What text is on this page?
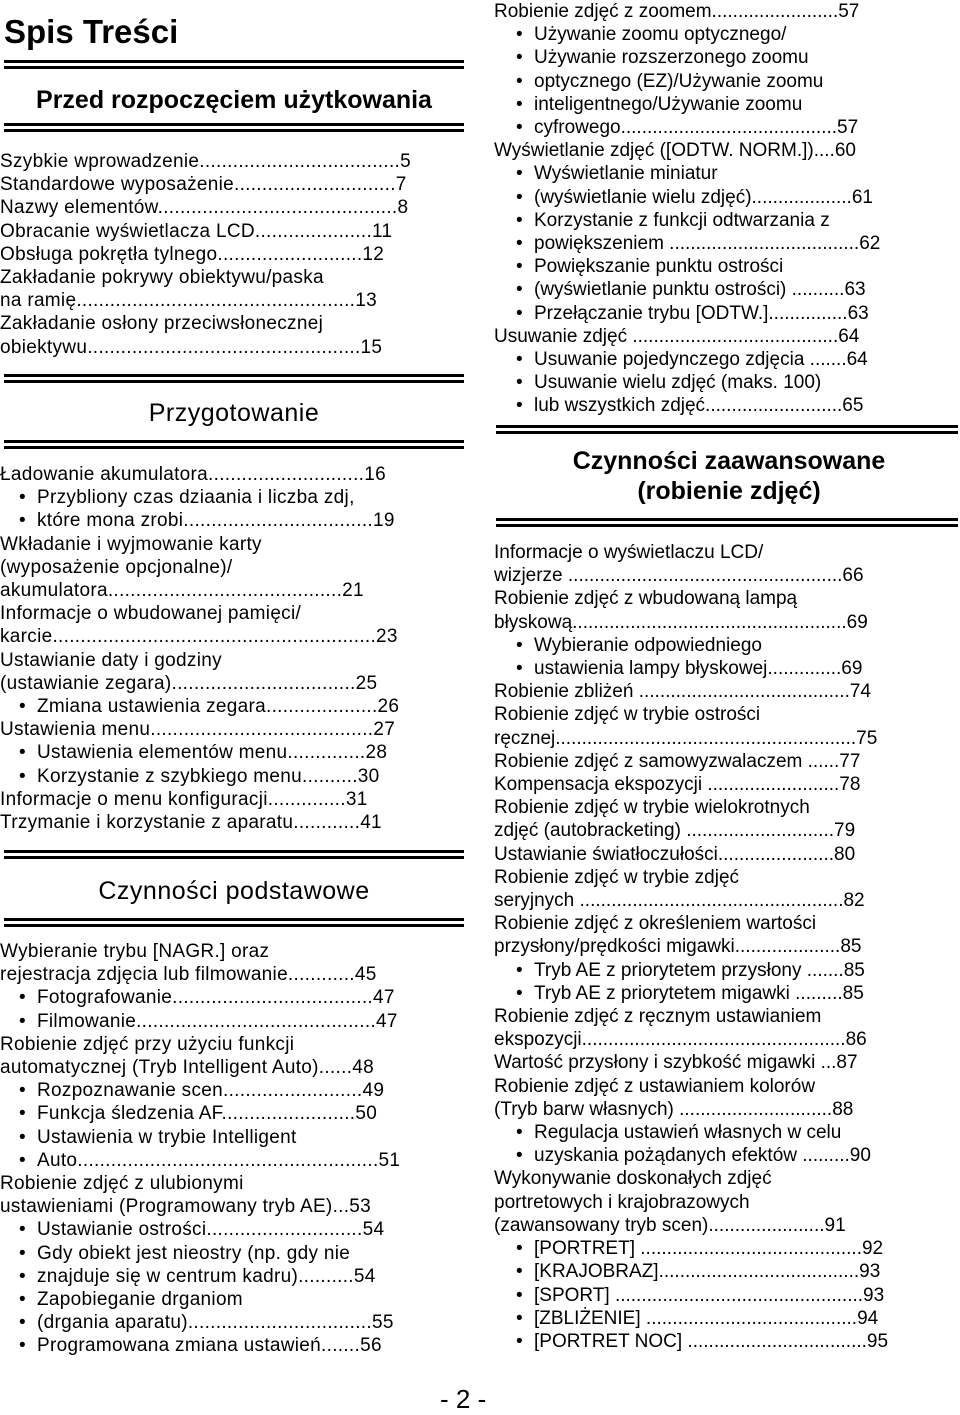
Spis Treści
Przed rozpoczęciem użytkowania
Szybkie wprowadzenie....................................5
Standardowe wyposażenie.............................7
Nazwy elementów...........................................8
Obracanie wyświetlacza LCD.....................11
Obsługa pokrętła tylnego..........................12
Zakładanie pokrywy obiektywu/paska
na ramię..................................................13
Zakładanie osłony przeciwsłonecznej
obiektywu.................................................15
Przygotowanie
Ładowanie akumulatora............................16
• Przybliony czas dziaania i liczba zdj,
• które mona zrobi..................................19
Wkładanie i wyjmowanie karty
(wyposażenie opcjonalne)/
akumulatora..........................................21
Informacje o wbudowanej pamięci/
karcie..........................................................23
Ustawianie daty i godziny
(ustawianie zegara).................................25
• Zmiana ustawienia zegara....................26
Ustawienia menu........................................27
• Ustawienia elementów menu..............28
• Korzystanie z szybkiego menu..........30
Informacje o menu konfiguracji..............31
Trzymanie i korzystanie z aparatu............41
Czynności podstawowe
Wybieranie trybu [NAGR.] oraz
rejestracja zdjęcia lub filmowanie............45
• Fotografowanie....................................47
• Filmowanie...........................................47
Robienie zdjęć przy użyciu funkcji
automatycznej (Tryb Intelligent Auto)......48
• Rozpoznawanie scen.........................49
• Funkcja śledzenia AF........................50
• Ustawienia w trybie Intelligent
• Auto......................................................51
Robienie zdjęć z ulubionymi
ustawieniami (Programowany tryb AE)...53
• Ustawianie ostrości............................54
• Gdy obiekt jest nieostry (np. gdy nie
• znajduje się w centrum kadru)..........54
• Zapobieganie drganiom
• (drgania aparatu).................................55
• Programowana zmiana ustawień.......56
Robienie zdjęć z zoomem........................57
• Używanie zoomu optycznego/
• Używanie rozszerzonego zoomu
• optycznego (EZ)/Używanie zoomu
• inteligentnego/Używanie zoomu
• cyfrowego.........................................57
Wyświetlanie zdjęć ([ODTW. NORM.])....60
• Wyświetlanie miniatur
• (wyświetlanie wielu zdjęć)...................61
• Korzystanie z funkcji odtwarzania z
• powiększeniem ....................................62
• Powiększanie punktu ostrości
• (wyświetlanie punktu ostrości) ..........63
• Przełączanie trybu [ODTW.]...............63
Usuwanie zdjęć .......................................64
• Usuwanie pojedynczego zdjęcia .......64
• Usuwanie wielu zdjęć (maks. 100)
• lub wszystkich zdjęć..........................65
Czynności zaawansowane (robienie zdjęć)
Informacje o wyświetlaczu LCD/
wizjerze ....................................................66
Robienie zdjęć z wbudowaną lampą
błyskową....................................................69
• Wybieranie odpowiedniego
• ustawienia lampy błyskowej..............69
Robienie zbliżeń ........................................74
Robienie zdjęć w trybie ostrości
ręcznej.........................................................75
Robienie zdjęć z samowyzwalaczem ......77
Kompensacja ekspozycji .........................78
Robienie zdjęć w trybie wielokrotnych
zdjęć (autobracketing) ............................79
Ustawianie światłoczułości......................80
Robienie zdjęć w trybie zdjęć
seryjnych ..................................................82
Robienie zdjęć z określeniem wartości
przysłony/prędkości migawki....................85
• Tryb AE z priorytetem przysłony .......85
• Tryb AE z priorytetem migawki .........85
Robienie zdjęć z ręcznym ustawianiem
ekspozycji..................................................86
Wartość przysłony i szybkość migawki ...87
Robienie zdjęć z ustawianiem kolorów
(Tryb barw własnych) .............................88
• Regulacja ustawień własnych w celu
• uzyskania pożądanych efektów .........90
Wykonywanie doskonałych zdjęć
portretowych i krajobrazowych
(zawansowany tryb scen)......................91
• [PORTRET] ..........................................92
• [KRAJOBRAZ]......................................93
• [SPORT] ...............................................93
• [ZBLIŻENIE] ........................................94
• [PORTRET NOC] ..................................95
- 2 -
